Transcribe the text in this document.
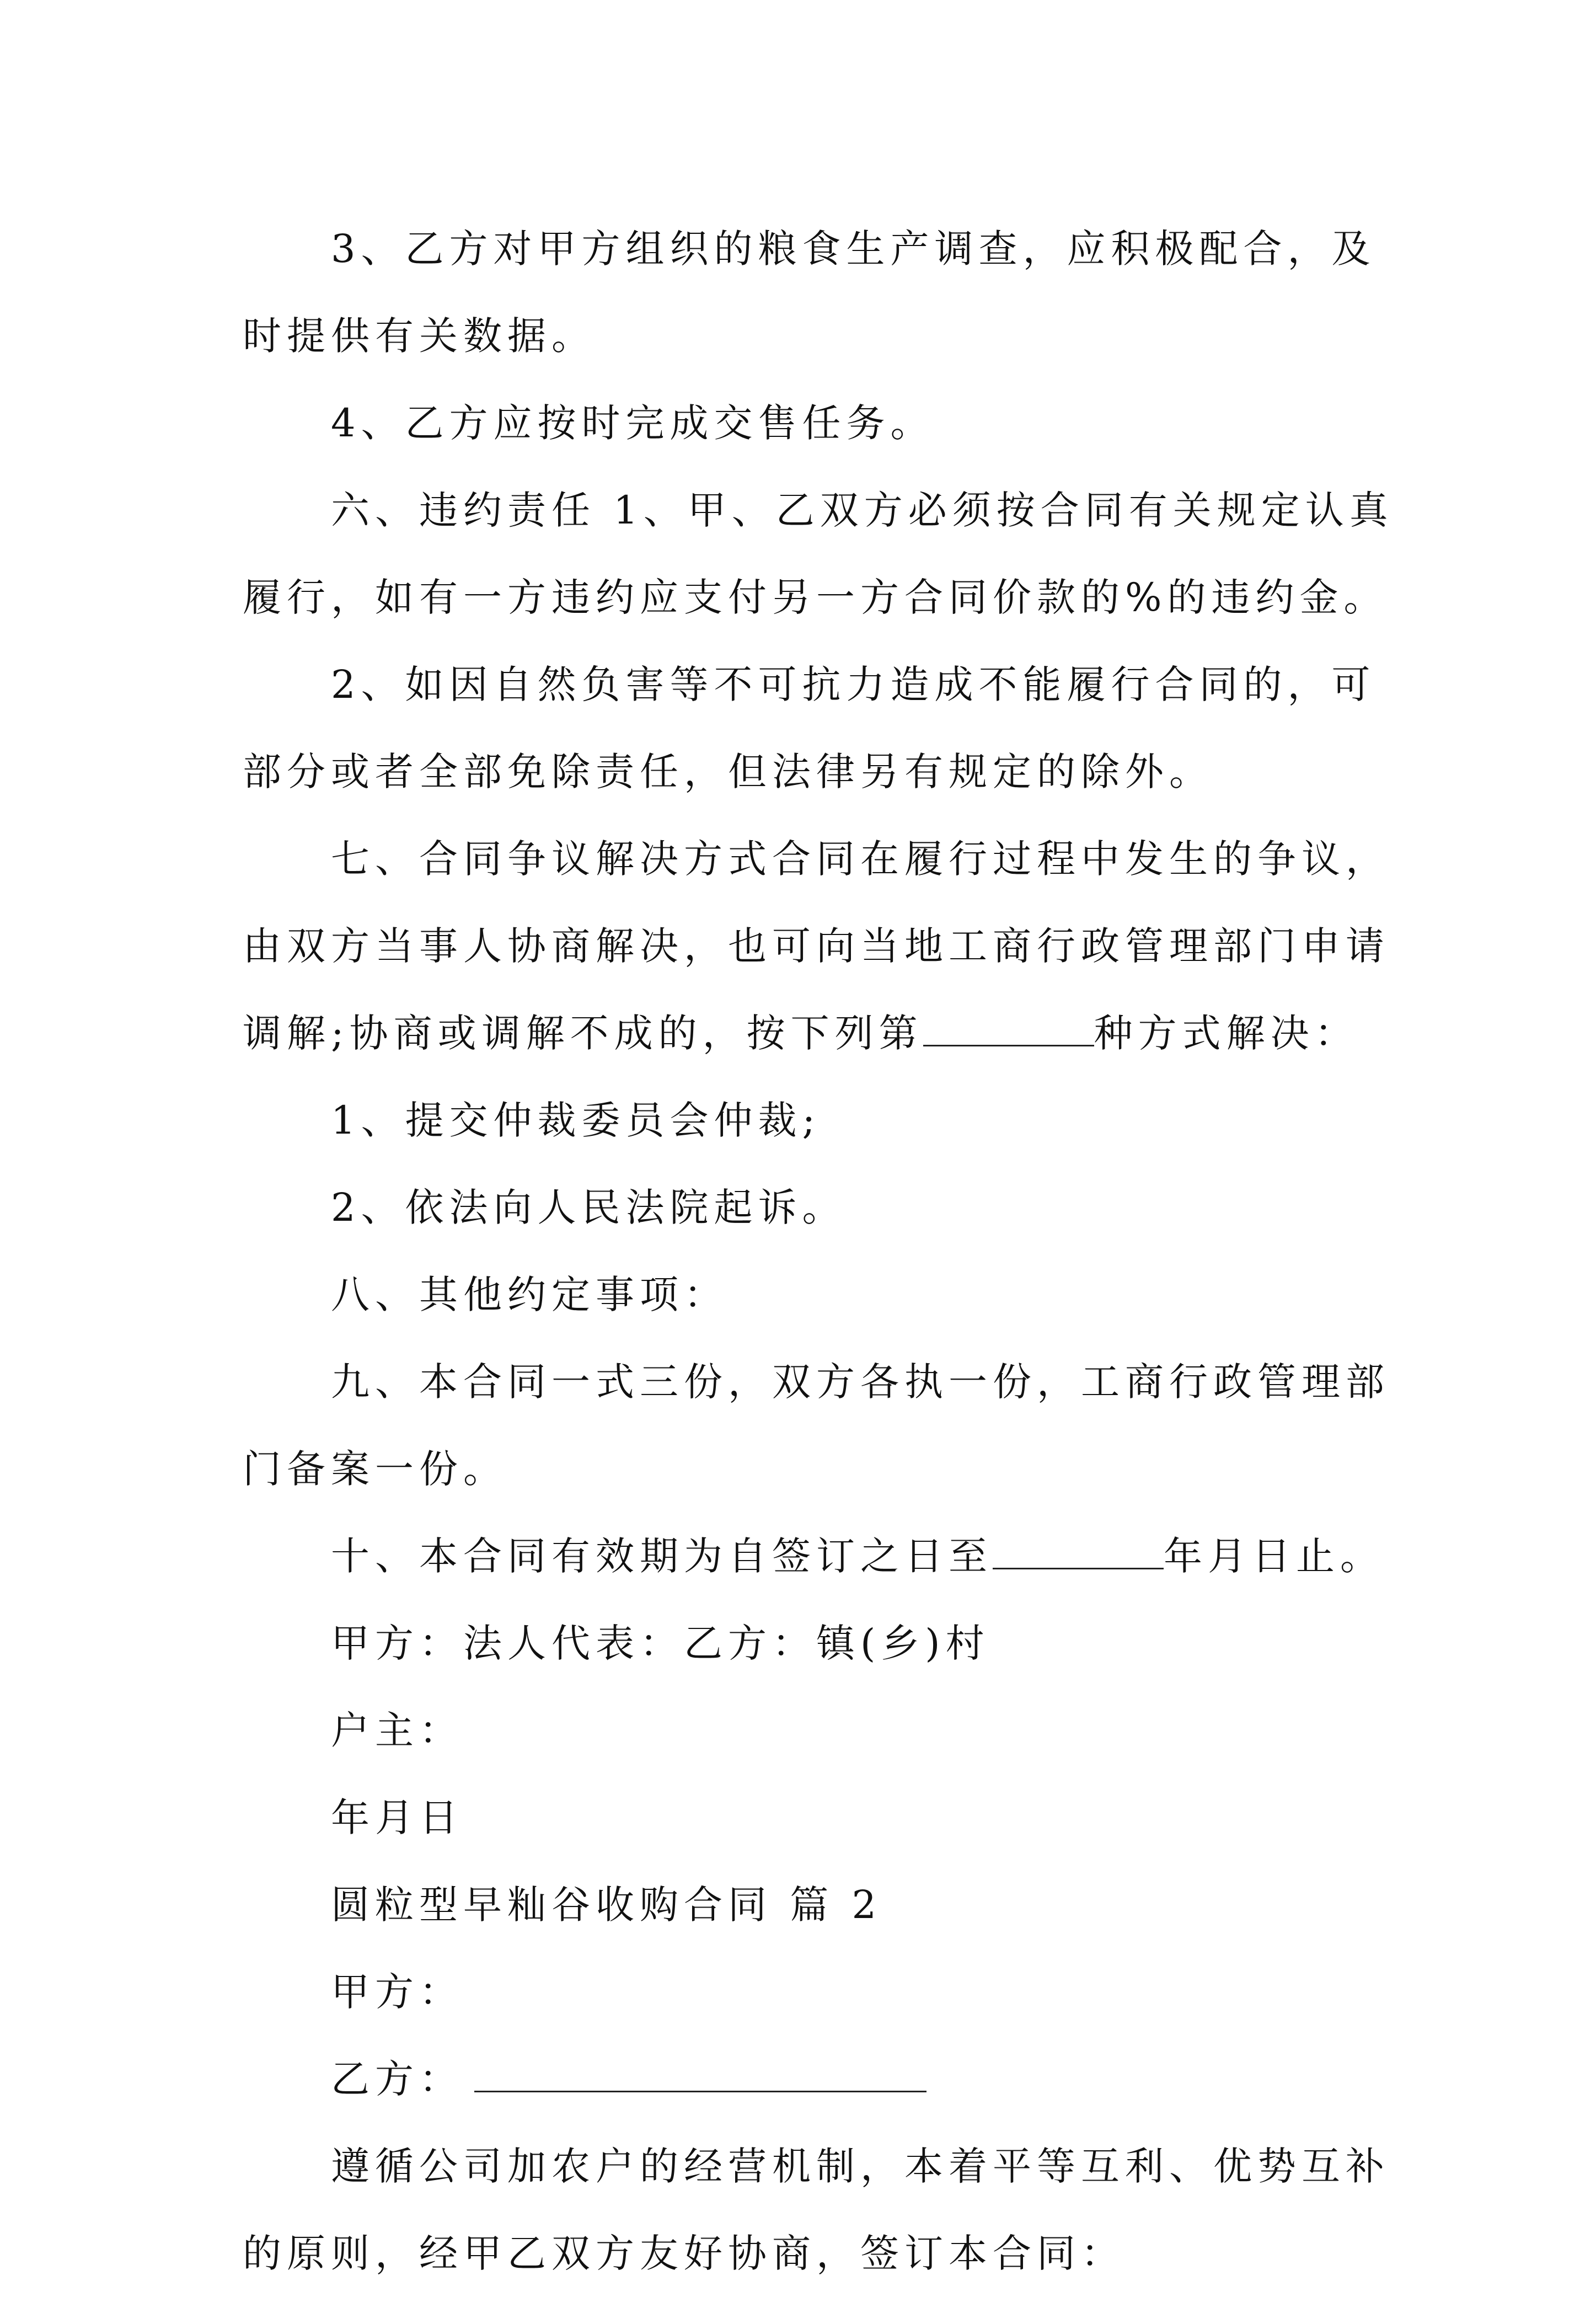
3、乙方对甲方组织的粮食生产调查，应积极配合，及
时提供有关数据。
4、乙方应按时完成交售任务。
六、违约责任 1、甲、乙双方必须按合同有关规定认真
履行，如有一方违约应支付另一方合同价款的%的违约金。
2、如因自然负害等不可抗力造成不能履行合同的，可
部分或者全部免除责任，但法律另有规定的除外。
七、合同争议解决方式合同在履行过程中发生的争议，
由双方当事人协商解决，也可向当地工商行政管理部门申请
调解;协商或调解不成的，按下列第	种方式解决：
1、提交仲裁委员会仲裁;
2、依法向人民法院起诉。
八、其他约定事项：
九、本合同一式三份，双方各执一份，工商行政管理部
门备案一份。
十、本合同有效期为自签订之日至	年月日止。
甲方：法人代表：乙方：镇(乡)村
户主：
年月日
圆粒型早籼谷收购合同 篇 2
甲方：
乙方：
遵循公司加农户的经营机制，本着平等互利、优势互补
的原则，经甲乙双方友好协商，签订本合同：
